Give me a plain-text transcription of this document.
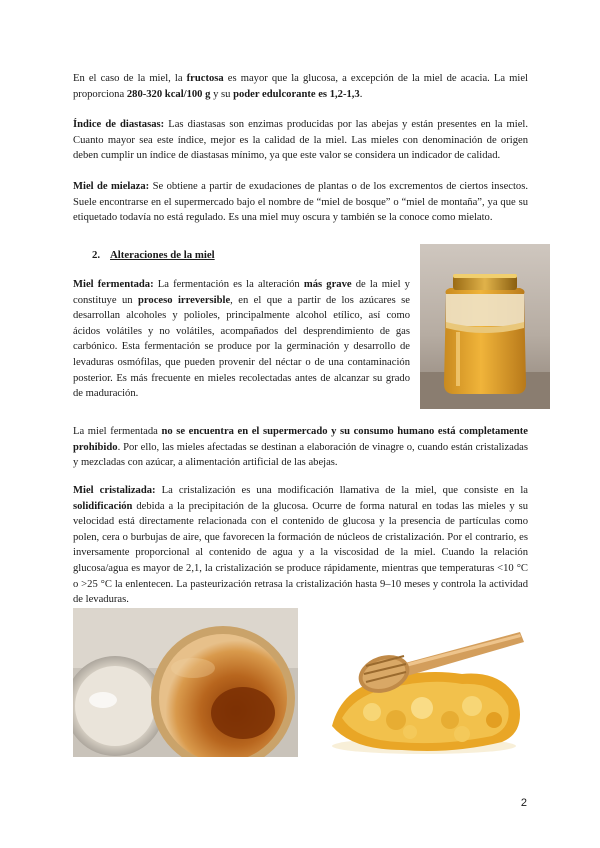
En el caso de la miel, la fructosa es mayor que la glucosa, a excepción de la miel de acacia. La miel proporciona 280-320 kcal/100 g y su poder edulcorante es 1,2-1,3.

Índice de diastasas: Las diastasas son enzimas producidas por las abejas y están presentes en la miel. Cuanto mayor sea este índice, mejor es la calidad de la miel. Las mieles con denominación de origen deben cumplir un índice de diastasas mínimo, ya que este valor se considera un indicador de calidad.

Miel de mielaza: Se obtiene a partir de exudaciones de plantas o de los excrementos de ciertos insectos. Suele encontrarse en el supermercado bajo el nombre de “miel de bosque” o “miel de montaña”, ya que su etiquetado todavía no está regulado. Es una miel muy oscura y también se la conoce como mielato.

2. Alteraciones de la miel

Miel fermentada: La fermentación es la alteración más grave de la miel y constituye un proceso irreversible, en el que a partir de los azúcares se desarrollan alcoholes y polioles, principalmente alcohol etílico, así como ácidos volátiles y no volátiles, acompañados del desprendimiento de gas carbónico. Esta fermentación se produce por la germinación y desarrollo de levaduras osmófilas, que pueden provenir del néctar o de una contaminación posterior. Es más frecuente en mieles recolectadas antes de alcanzar su grado de maduración.

La miel fermentada no se encuentra en el supermercado y su consumo humano está completamente prohibido. Por ello, las mieles afectadas se destinan a elaboración de vinagre o, cuando están cristalizadas y mezcladas con azúcar, a alimentación artificial de las abejas.

Miel cristalizada: La cristalización es una modificación llamativa de la miel, que consiste en la solidificación debida a la precipitación de la glucosa. Ocurre de forma natural en todas las mieles y su velocidad está directamente relacionada con el contenido de glucosa y la presencia de partículas como polen, cera o burbujas de aire, que favorecen la formación de núcleos de cristalización. Por el contrario, es inversamente proporcional al contenido de agua y a la viscosidad de la miel. Cuando la relación glucosa/agua es mayor de 2,1, la cristalización se produce rápidamente, mientras que temperaturas <10 °C o >25 °C la enlentecen. La pasteurización retrasa la cristalización hasta 9–10 meses y controla la actividad de levaduras.

2
